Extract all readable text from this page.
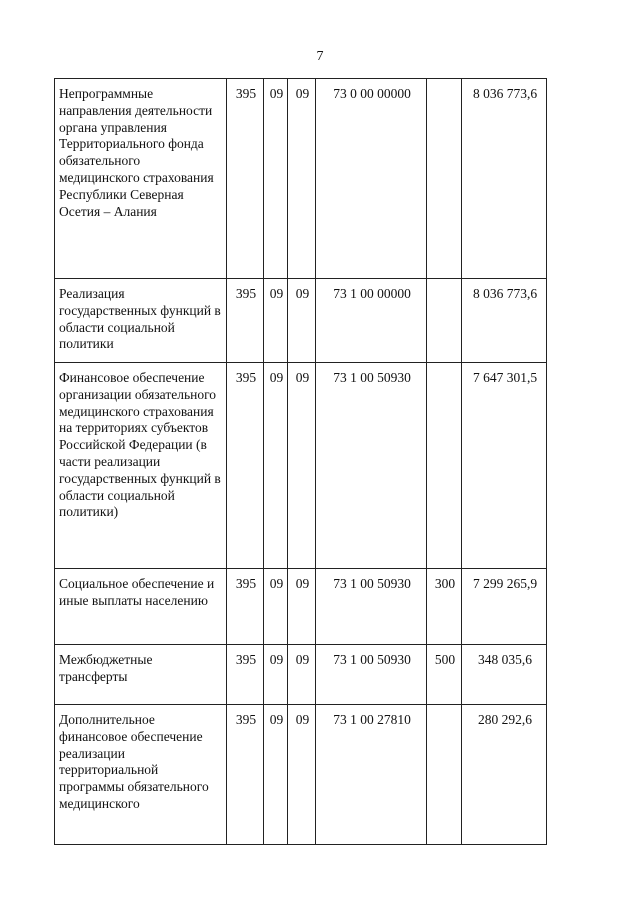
7
Непрограммные направления деятельности органа управления Территориального фонда обязательного медицинского страхования Республики Северная Осетия – Алания	395	09	09	73 0 00 00000		8 036 773,6
Реализация государственных функций в области социальной политики	395	09	09	73 1 00 00000		8 036 773,6
Финансовое обеспечение организации обязательного медицинского страхования на территориях субъектов Российской Федерации (в части реализации государственных функций в области социальной политики)	395	09	09	73 1 00 50930		7 647 301,5
Социальное обеспечение и иные выплаты населению	395	09	09	73 1 00 50930	300	7 299 265,9
Межбюджетные трансферты	395	09	09	73 1 00 50930	500	348 035,6
Дополнительное финансовое обеспечение реализации территориальной программы обязательного медицинского	395	09	09	73 1 00 27810		280 292,6
